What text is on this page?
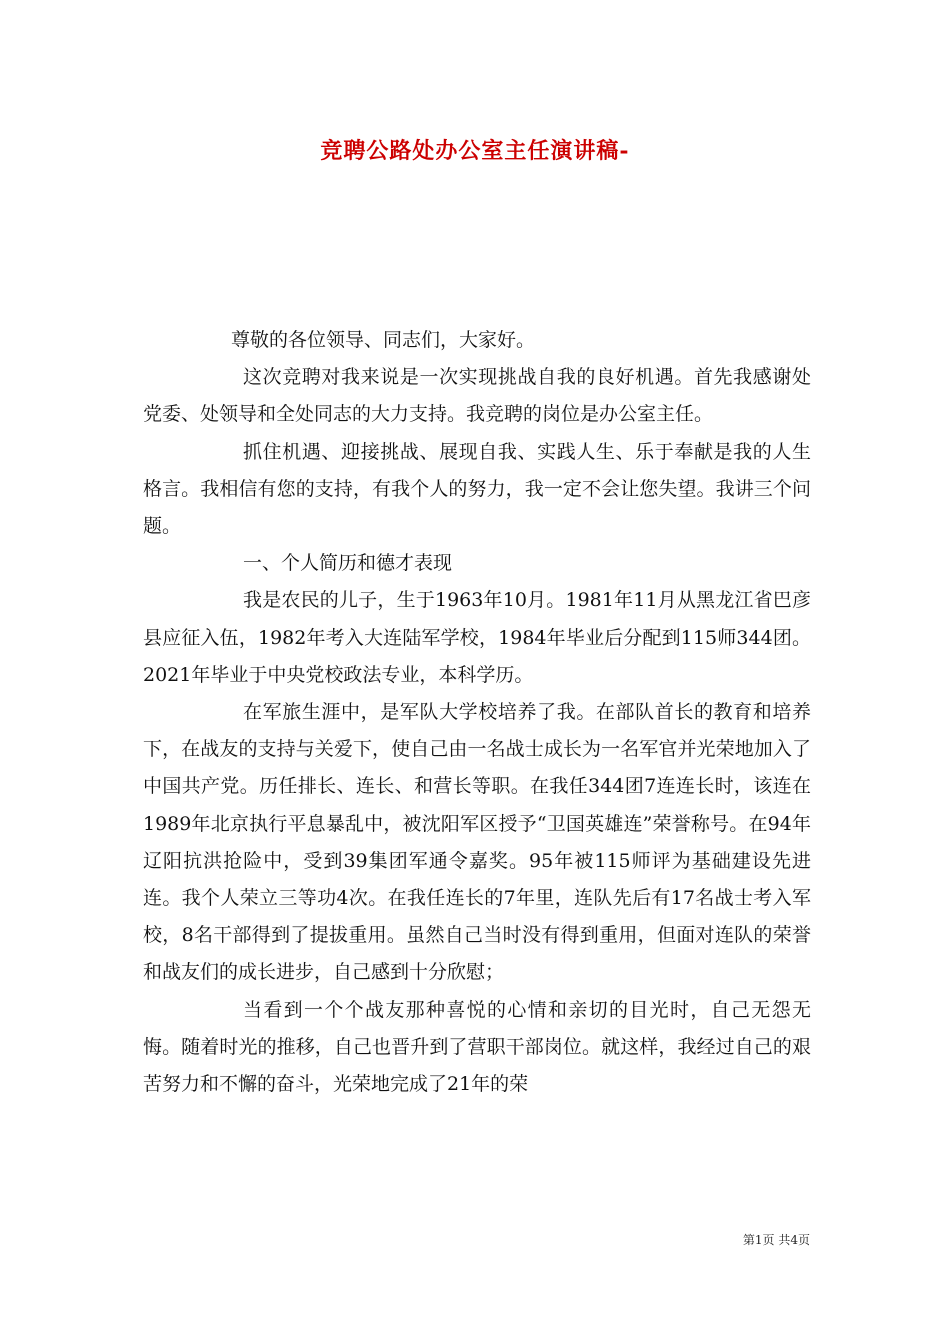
竞聘公路处办公室主任演讲稿-

尊敬的各位领导、同志们，大家好。

这次竞聘对我来说是一次实现挑战自我的良好机遇。首先我感谢处党委、处领导和全处同志的大力支持。我竞聘的岗位是办公室主任。

抓住机遇、迎接挑战、展现自我、实践人生、乐于奉献是我的人生格言。我相信有您的支持，有我个人的努力，我一定不会让您失望。我讲三个问题。

一、个人简历和德才表现

我是农民的儿子，生于1963年10月。1981年11月从黑龙江省巴彦县应征入伍，1982年考入大连陆军学校，1984年毕业后分配到115师344团。2021年毕业于中央党校政法专业，本科学历。

在军旅生涯中，是军队大学校培养了我。在部队首长的教育和培养下，在战友的支持与关爱下，使自己由一名战士成长为一名军官并光荣地加入了中国共产党。历任排长、连长、和营长等职。在我任344团7连连长时，该连在1989年北京执行平息暴乱中，被沈阳军区授予“卫国英雄连”荣誉称号。在94年辽阳抗洪抢险中，受到39集团军通令嘉奖。95年被115师评为基础建设先进连。我个人荣立三等功4次。在我任连长的7年里，连队先后有17名战士考入军校，8名干部得到了提拔重用。虽然自己当时没有得到重用，但面对连队的荣誉和战友们的成长进步，自己感到十分欣慰；

当看到一个个战友那种喜悦的心情和亲切的目光时，自己无怨无悔。随着时光的推移，自己也晋升到了营职干部岗位。就这样，我经过自己的艰苦努力和不懈的奋斗，光荣地完成了21年的荣

第1页 共4页
